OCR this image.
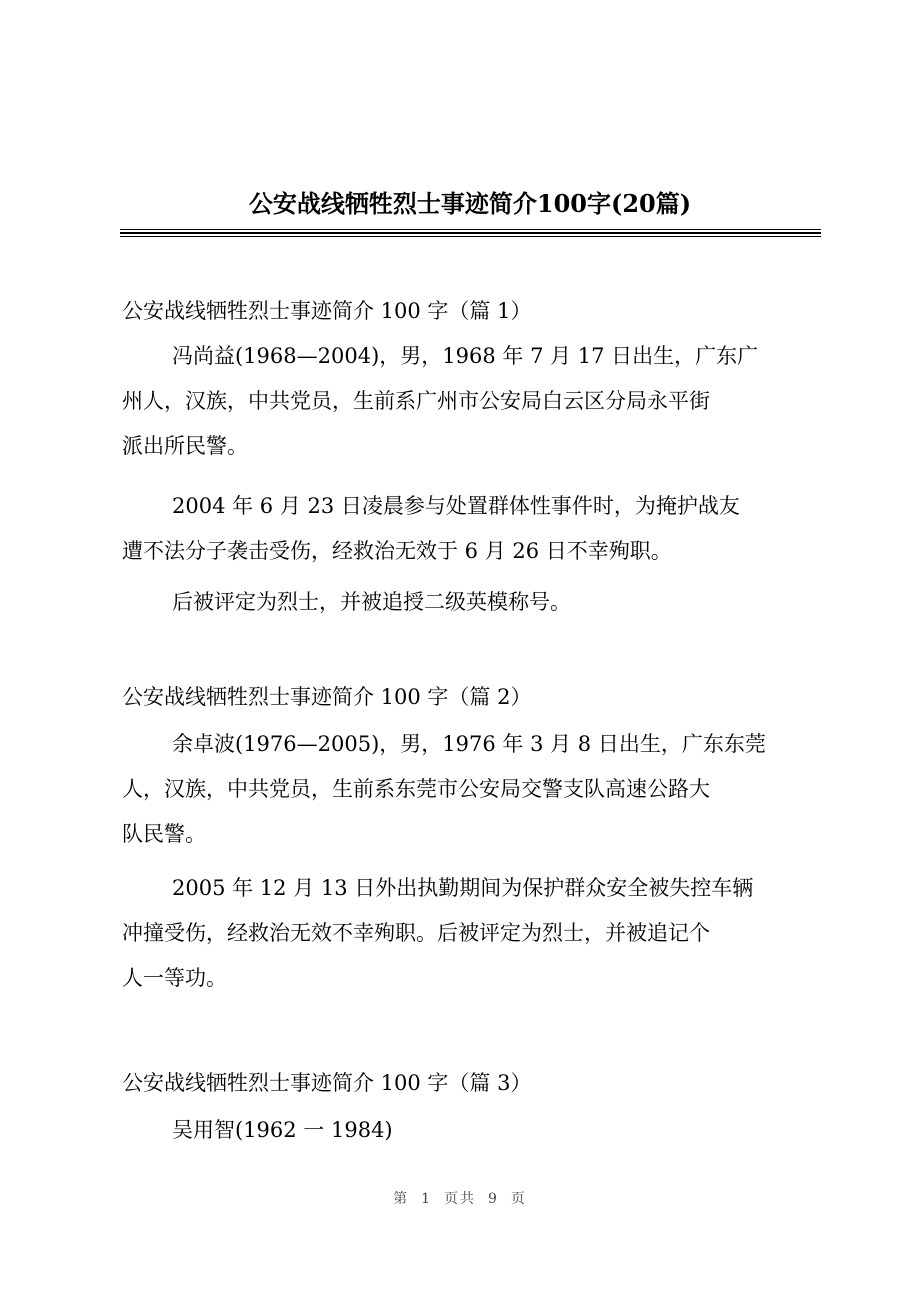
公安战线牺牲烈士事迹简介100字(20篇)
公安战线牺牲烈士事迹简介 100 字（篇 1）
冯尚益(1968—2004)，男，1968 年 7 月 17 日出生，广东广
州人，汉族，中共党员，生前系广州市公安局白云区分局永平街
派出所民警。
2004 年 6 月 23 日凌晨参与处置群体性事件时，为掩护战友
遭不法分子袭击受伤，经救治无效于 6 月 26 日不幸殉职。
后被评定为烈士，并被追授二级英模称号。
公安战线牺牲烈士事迹简介 100 字（篇 2）
余卓波(1976—2005)，男，1976 年 3 月 8 日出生，广东东莞
人，汉族，中共党员，生前系东莞市公安局交警支队高速公路大
队民警。
2005 年 12 月 13 日外出执勤期间为保护群众安全被失控车辆
冲撞受伤，经救治无效不幸殉职。后被评定为烈士，并被追记个
人一等功。
公安战线牺牲烈士事迹简介 100 字（篇 3）
吴用智(1962 一 1984)
第 1 页共 9 页
